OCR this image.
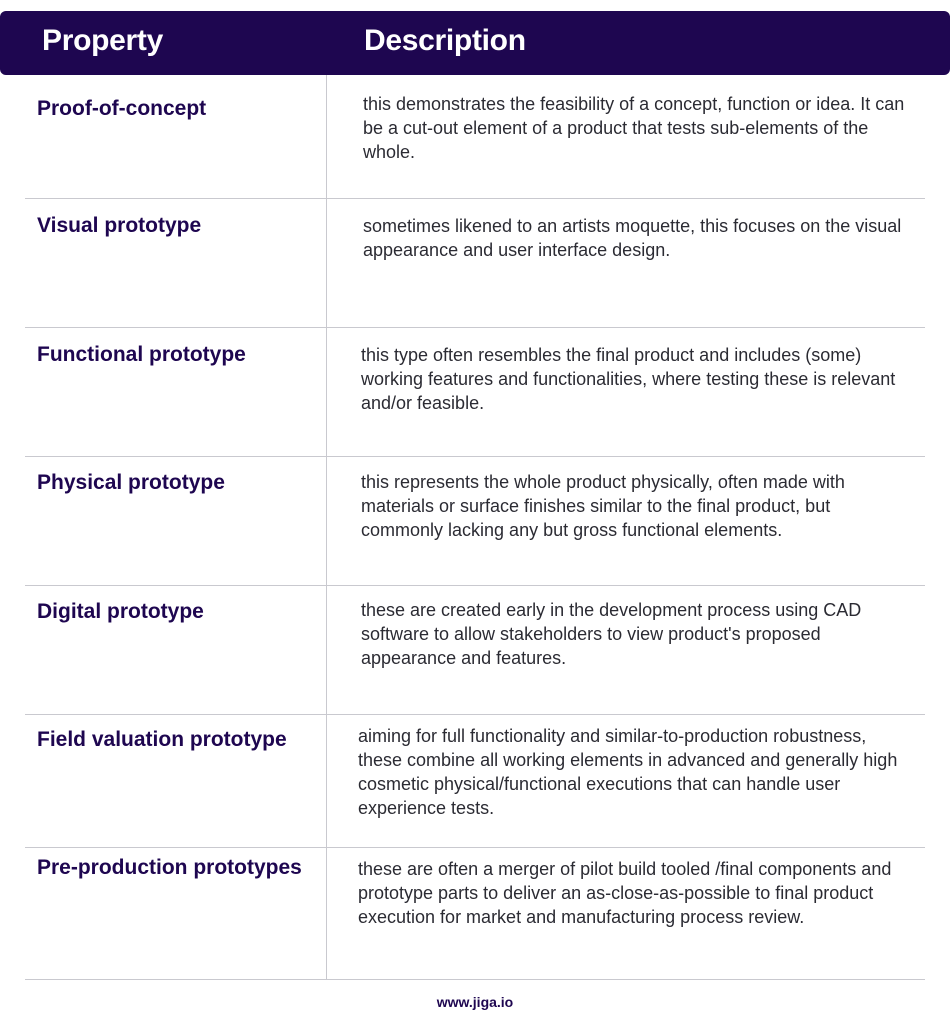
Property	Description
Proof-of-concept	this demonstrates the feasibility of a concept, function or idea. It can be a cut-out element of a product that tests sub-elements of the whole.
Visual prototype	sometimes likened to an artists moquette, this focuses on the visual appearance and user interface design.
Functional prototype	this type often resembles the final product and includes (some) working features and functionalities, where testing these is relevant and/or feasible.
Physical prototype	this represents the whole product physically, often made with materials or surface finishes similar to the final product, but commonly lacking any but gross functional elements.
Digital prototype	these are created early in the development process using CAD software to allow stakeholders to view product's proposed appearance and features.
Field valuation prototype	aiming for full functionality and similar-to-production robustness, these combine all working elements in advanced and generally high cosmetic physical/functional executions that can handle user experience tests.
Pre-production prototypes	these are often a merger of pilot build tooled /final components and prototype parts to deliver an as-close-as-possible to final product execution for market and manufacturing process review.
www.jiga.io
